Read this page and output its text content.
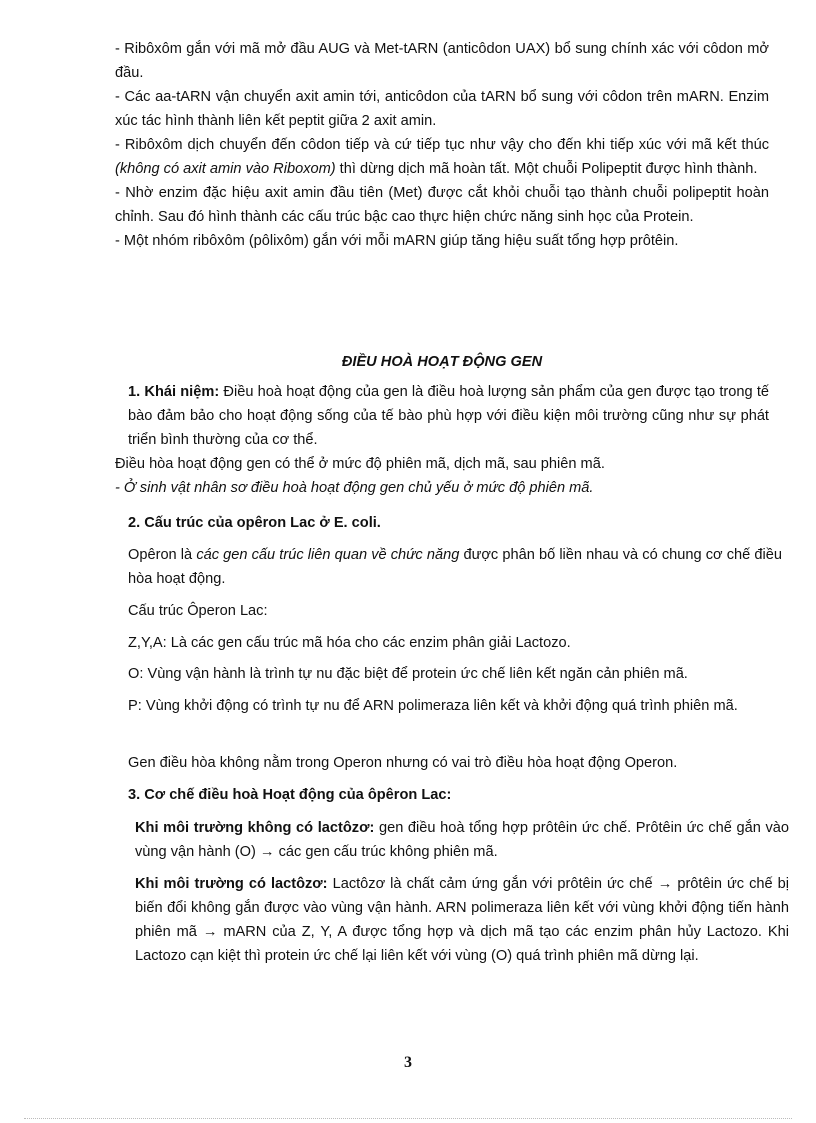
- Ribôxôm gắn với mã mở đầu AUG và Met-tARN (anticôdon UAX) bổ sung chính xác với côdon mở đầu.
- Các aa-tARN vận chuyển axit amin tới, anticôdon của tARN bổ sung với côdon trên mARN. Enzim xúc tác hình thành liên kết peptit giữa 2 axit amin.
- Ribôxôm dịch chuyển đến côdon tiếp và cứ tiếp tục như vậy cho đến khi tiếp xúc với mã kết thúc (không có axit amin vào Riboxom) thì dừng dịch mã hoàn tất. Một chuỗi Polipeptit được hình thành.
- Nhờ enzim đặc hiệu axit amin đầu tiên (Met) được cắt khỏi chuỗi tạo thành chuỗi polipeptit hoàn chỉnh. Sau đó hình thành các cấu trúc bậc cao thực hiện chức năng sinh học của Protein.
- Một nhóm ribôxôm (pôlixôm) gắn với mỗi mARN giúp tăng hiệu suất tổng hợp prôtêin.
ĐIỀU HOÀ HOẠT ĐỘNG GEN
1. Khái niệm: Điều hoà hoạt động của gen là điều hoà lượng sản phẩm của gen được tạo trong tế bào đảm bảo cho hoạt động sống của tế bào phù hợp với điều kiện môi trường cũng như sự phát triển bình thường của cơ thể.
Điều hòa hoạt động gen có thể ở mức độ phiên mã, dịch mã, sau phiên mã.
- Ở sinh vật nhân sơ điều hoà hoạt động gen chủ yếu ở mức độ phiên mã.
2. Cấu trúc của opêron Lac ở E. coli.
Opêron là các gen cấu trúc liên quan về chức năng được phân bố liền nhau và có chung cơ chế điều hòa hoạt động.
Cấu trúc Ôperon Lac:
Z,Y,A: Là các gen cấu trúc mã hóa cho các enzim phân giải Lactozo.
O: Vùng vận hành là trình tự nu đặc biệt để protein ức chế liên kết ngăn cản phiên mã.
P: Vùng khởi động có trình tự nu để ARN polimeraza liên kết và khởi động quá trình phiên mã.
Gen điều hòa không nằm trong Operon nhưng có vai trò điều hòa hoạt động Operon.
3. Cơ chế điều hoà Hoạt động của ôpêron Lac:
Khi môi trường không có lactôzơ: gen điều hoà tổng hợp prôtêin ức chế. Prôtêin ức chế gắn vào vùng vận hành (O) → các gen cấu trúc không phiên mã.
Khi môi trường có lactôzơ: Lactôzơ là chất cảm ứng gắn với prôtêin ức chế → prôtêin ức chế bị biến đổi không gắn được vào vùng vận hành. ARN polimeraza liên kết với vùng khởi động tiến hành phiên mã → mARN của Z, Y, A được tổng hợp và dịch mã tạo các enzim phân hủy Lactozo. Khi Lactozo cạn kiệt thì protein ức chế lại liên kết với vùng (O) quá trình phiên mã dừng lại.
3
